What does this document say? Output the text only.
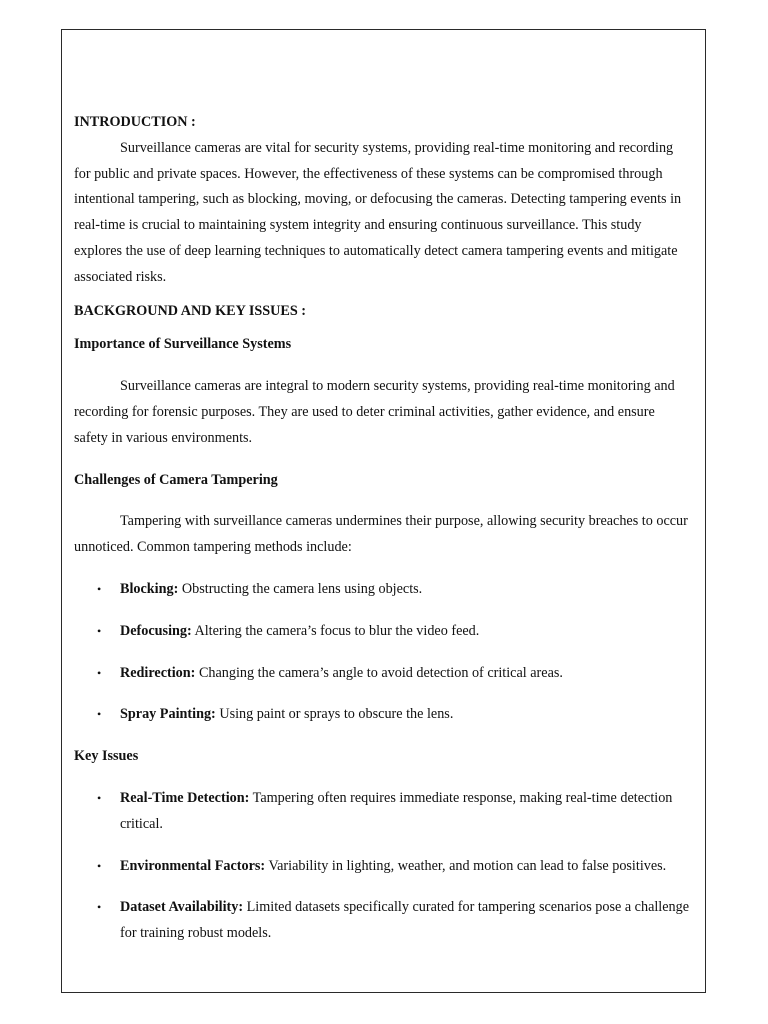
INTRODUCTION :

Surveillance cameras are vital for security systems, providing real-time monitoring and recording for public and private spaces. However, the effectiveness of these systems can be compromised through intentional tampering, such as blocking, moving, or defocusing the cameras. Detecting tampering events in real-time is crucial to maintaining system integrity and ensuring continuous surveillance. This study explores the use of deep learning techniques to automatically detect camera tampering events and mitigate associated risks.

BACKGROUND AND KEY ISSUES :

Importance of Surveillance Systems

Surveillance cameras are integral to modern security systems, providing real-time monitoring and recording for forensic purposes. They are used to deter criminal activities, gather evidence, and ensure safety in various environments.

Challenges of Camera Tampering

Tampering with surveillance cameras undermines their purpose, allowing security breaches to occur unnoticed. Common tampering methods include:

• Blocking: Obstructing the camera lens using objects.
• Defocusing: Altering the camera’s focus to blur the video feed.
• Redirection: Changing the camera’s angle to avoid detection of critical areas.
• Spray Painting: Using paint or sprays to obscure the lens.

Key Issues

• Real-Time Detection: Tampering often requires immediate response, making real-time detection critical.
• Environmental Factors: Variability in lighting, weather, and motion can lead to false positives.
• Dataset Availability: Limited datasets specifically curated for tampering scenarios pose a challenge for training robust models.
